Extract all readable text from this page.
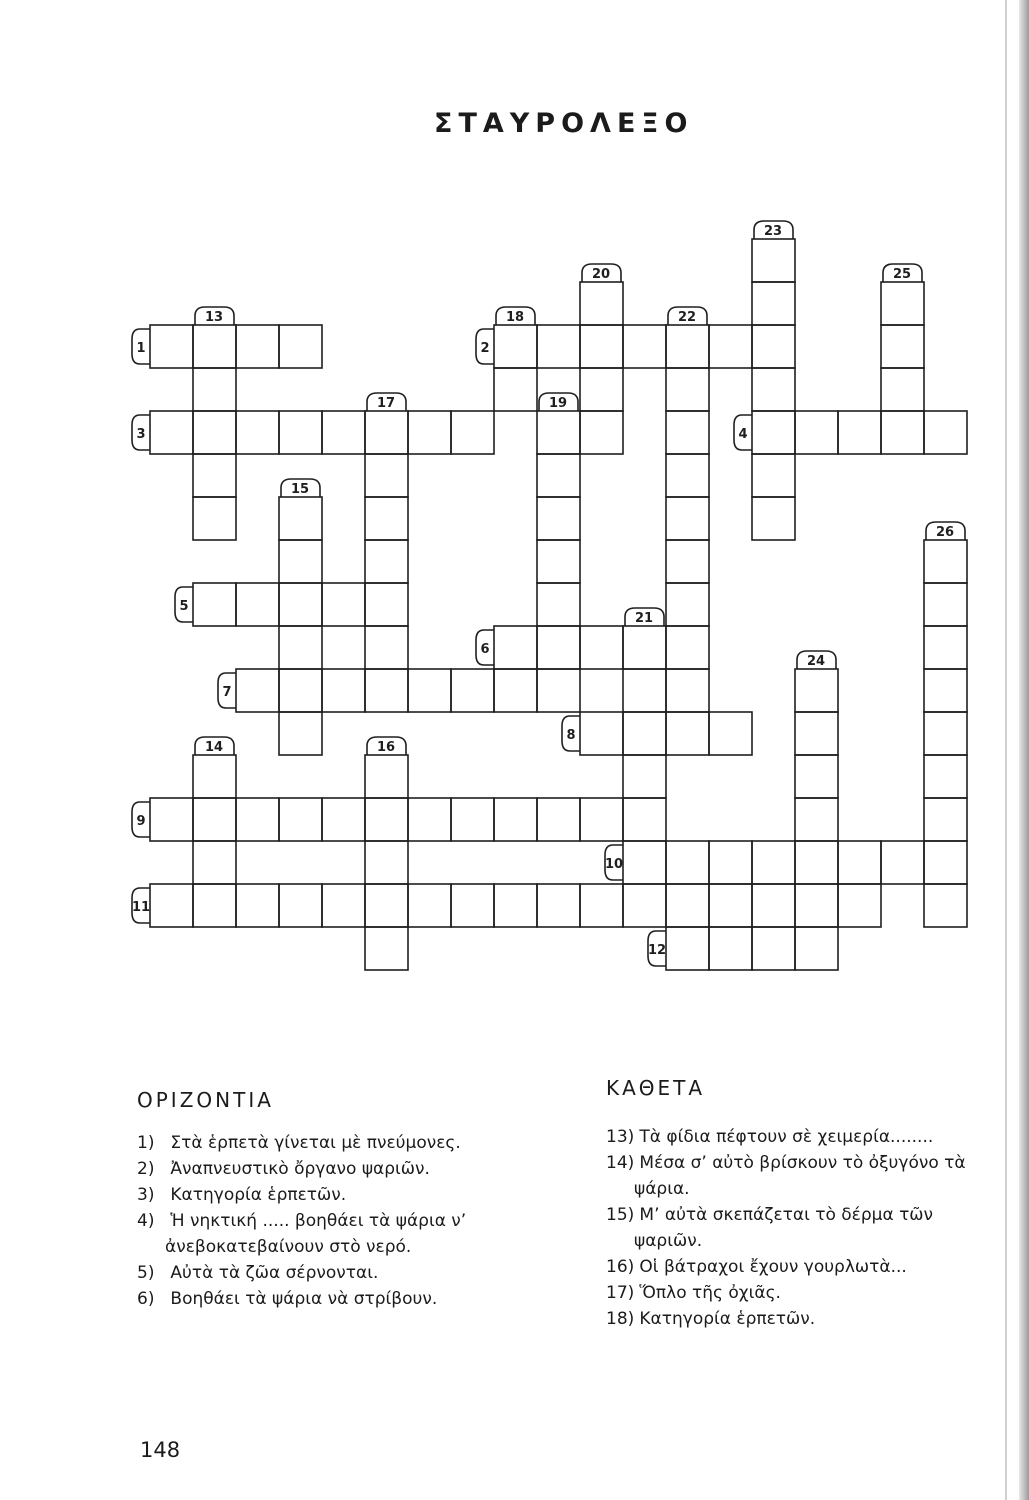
ΣΤΑΥΡΟΛΕΞΟ
1	2
3	4
5
6
7
8
9
10
11
12
13
14
15
16
17
18
19
20
21
22
23
24
25
26
ΟΡΙΖΟΝΤΙΑ
1) Στὰ ἑρπετὰ γίνεται μὲ πνεύμονες.
2) Ἀναπνευστικὸ ὄργανο ψαριῶν.
3) Κατηγορία ἑρπετῶν.
4) Ἡ νηκτική ..... βοηθάει τὰ ψάρια ν’ ἀνεβοκατεβαίνουν στὸ νερό.
5) Αὐτὰ τὰ ζῶα σέρνονται.
6) Βοηθάει τὰ ψάρια νὰ στρίβουν.
ΚΑΘΕΤΑ
13) Τὰ φίδια πέφτουν σὲ χειμερία........
14) Μέσα σ’ αὐτὸ βρίσκουν τὸ ὀξυγόνο τὰ ψάρια.
15) Μ’ αὐτὰ σκεπάζεται τὸ δέρμα τῶν ψαριῶν.
16) Οἱ βάτραχοι ἔχουν γουρλωτὰ...
17) Ὅπλο τῆς ὀχιᾶς.
18) Κατηγορία ἑρπετῶν.
148
